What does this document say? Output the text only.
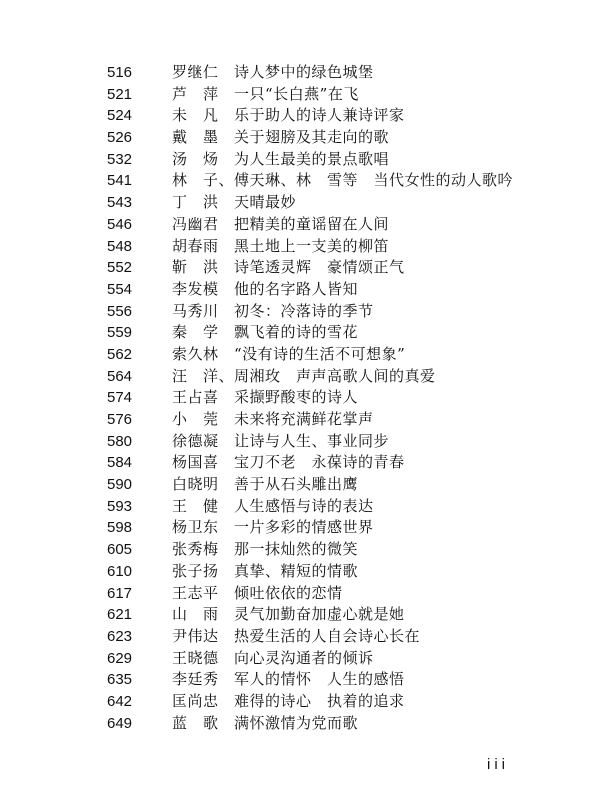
516	罗继仁　诗人梦中的绿色城堡
521	芦　萍　一只“长白燕”在飞
524	未　凡　乐于助人的诗人兼诗评家
526	戴　墨　关于翅膀及其走向的歌
532	汤　炀　为人生最美的景点歌唱
541	林　子、傅天琳、林　雪等　当代女性的动人歌吟
543	丁　洪　天晴最妙
546	冯幽君　把精美的童谣留在人间
548	胡春雨　黑土地上一支美的柳笛
552	靳　洪　诗笔透灵辉　豪情颂正气
554	李发模　他的名字路人皆知
556	马秀川　初冬：冷落诗的季节
559	秦　学　飘飞着的诗的雪花
562	索久林　“没有诗的生活不可想象”
564	汪　洋、周湘玫　声声高歌人间的真爱
574	王占喜　采撷野酸枣的诗人
576	小　莞　未来将充满鲜花掌声
580	徐德凝　让诗与人生、事业同步
584	杨国喜　宝刀不老　永葆诗的青春
590	白晓明　善于从石头雕出鹰
593	王　健　人生感悟与诗的表达
598	杨卫东　一片多彩的情感世界
605	张秀梅　那一抹灿然的微笑
610	张子扬　真挚、精短的情歌
617	王志平　倾吐依依的恋情
621	山　雨　灵气加勤奋加虚心就是她
623	尹伟达　热爱生活的人自会诗心长在
629	王晓德　向心灵沟通者的倾诉
635	李廷秀　军人的情怀　人生的感悟
642	匡尚忠　难得的诗心　执着的追求
649	蓝　歌　满怀激情为党而歌
iii
